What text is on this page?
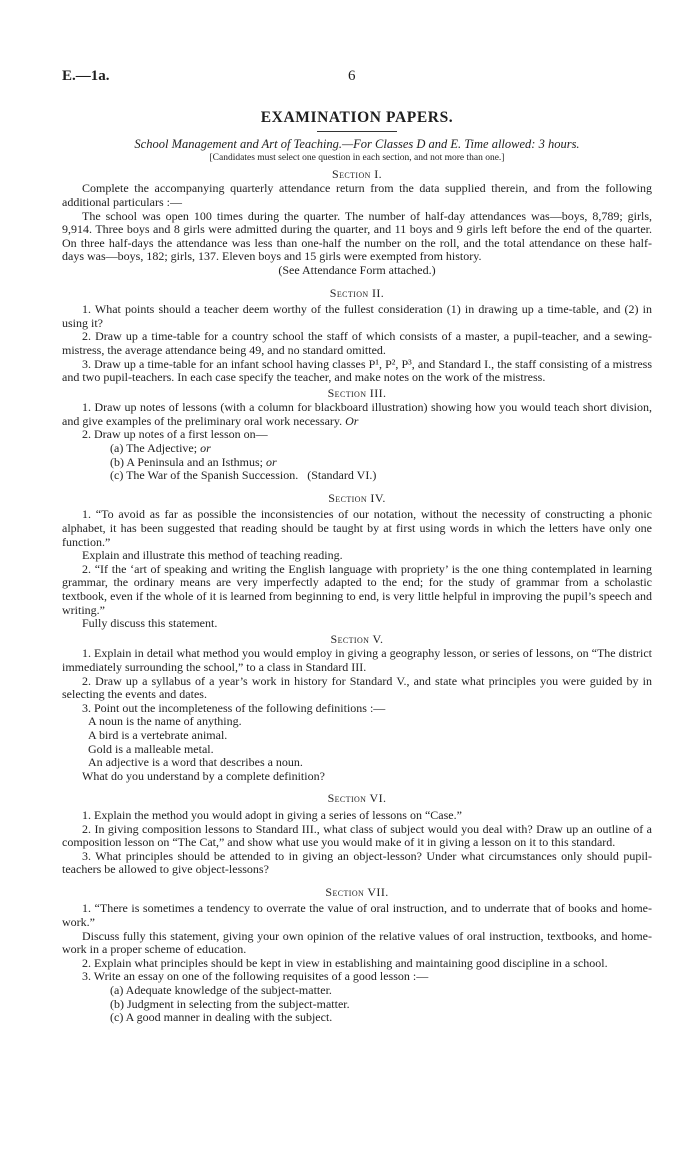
E.—1a.	6
EXAMINATION PAPERS.

School Management and Art of Teaching.—For Classes D and E. Time allowed: 3 hours.

[Candidates must select one question in each section, and not more than one.]

Section I.

Complete the accompanying quarterly attendance return from the data supplied therein, and from the following additional particulars :—

The school was open 100 times during the quarter. The number of half-day attendances was—boys, 8,789; girls, 9,914. Three boys and 8 girls were admitted during the quarter, and 11 boys and 9 girls left before the end of the quarter. On three half-days the attendance was less than one-half the number on the roll, and the total attendance on these half-days was—boys, 182; girls, 137. Eleven boys and 15 girls were exempted from history.

(See Attendance Form attached.)

Section II.

1. What points should a teacher deem worthy of the fullest consideration (1) in drawing up a time-table, and (2) in using it?

2. Draw up a time-table for a country school the staff of which consists of a master, a pupil-teacher, and a sewing-mistress, the average attendance being 49, and no standard omitted.

3. Draw up a time-table for an infant school having classes P¹, P², P³, and Standard I., the staff consisting of a mistress and two pupil-teachers. In each case specify the teacher, and make notes on the work of the mistress.

Section III.

1. Draw up notes of lessons (with a column for blackboard illustration) showing how you would teach short division, and give examples of the preliminary oral work necessary. Or

2. Draw up notes of a first lesson on—

(a) The Adjective; or

(b) A Peninsula and an Isthmus; or

(c) The War of the Spanish Succession. (Standard VI.)

Section IV.

1. “To avoid as far as possible the inconsistencies of our notation, without the necessity of constructing a phonic alphabet, it has been suggested that reading should be taught by at first using words in which the letters have only one function.”

Explain and illustrate this method of teaching reading.

2. “If the ‘art of speaking and writing the English language with propriety’ is the one thing contemplated in learning grammar, the ordinary means are very imperfectly adapted to the end; for the study of grammar from a scholastic textbook, even if the whole of it is learned from beginning to end, is very little helpful in improving the pupil’s speech and writing.”

Fully discuss this statement.

Section V.

1. Explain in detail what method you would employ in giving a geography lesson, or series of lessons, on “The district immediately surrounding the school,” to a class in Standard III.

2. Draw up a syllabus of a year’s work in history for Standard V., and state what principles you were guided by in selecting the events and dates.

3. Point out the incompleteness of the following definitions :—

A noun is the name of anything.

A bird is a vertebrate animal.

Gold is a malleable metal.

An adjective is a word that describes a noun.

What do you understand by a complete definition?

Section VI.

1. Explain the method you would adopt in giving a series of lessons on “Case.”

2. In giving composition lessons to Standard III., what class of subject would you deal with? Draw up an outline of a composition lesson on “The Cat,” and show what use you would make of it in giving a lesson on it to this standard.

3. What principles should be attended to in giving an object-lesson? Under what circumstances only should pupil-teachers be allowed to give object-lessons?

Section VII.

1. “There is sometimes a tendency to overrate the value of oral instruction, and to underrate that of books and home-work.”

Discuss fully this statement, giving your own opinion of the relative values of oral instruction, textbooks, and home-work in a proper scheme of education.

2. Explain what principles should be kept in view in establishing and maintaining good discipline in a school.

3. Write an essay on one of the following requisites of a good lesson :—

(a) Adequate knowledge of the subject-matter.

(b) Judgment in selecting from the subject-matter.

(c) A good manner in dealing with the subject.
